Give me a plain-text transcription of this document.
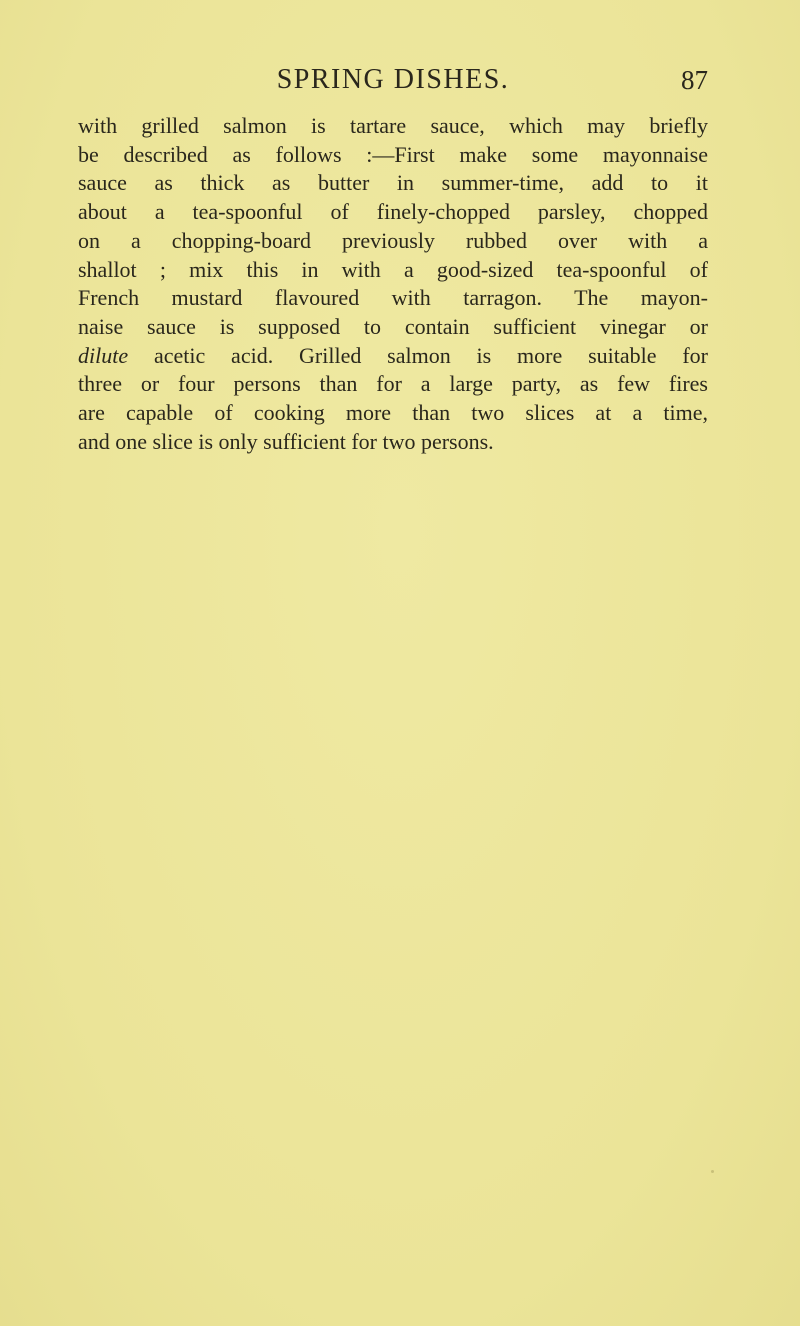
SPRING DISHES.	87
with grilled salmon is tartare sauce, which may briefly
be described as follows :—First make some mayonnaise
sauce as thick as butter in summer-time, add to it
about a tea-spoonful of finely-chopped parsley, chopped
on a chopping-board previously rubbed over with a
shallot ; mix this in with a good-sized tea-spoonful of
French mustard flavoured with tarragon. The mayon-
naise sauce is supposed to contain sufficient vinegar or
dilute acetic acid. Grilled salmon is more suitable for
three or four persons than for a large party, as few fires
are capable of cooking more than two slices at a time,
and one slice is only sufficient for two persons.
